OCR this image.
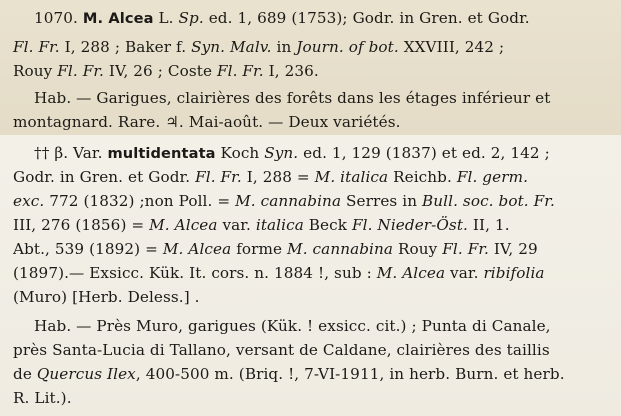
1070. M. Alcea L. Sp. ed. 1, 689 (1753); Godr. in Gren. et Godr.
Fl. Fr. I, 288 ; Baker f. Syn. Malv. in Journ. of bot. XXVIII, 242 ;
Rouy Fl. Fr. IV, 26 ; Coste Fl. Fr. I, 236.
Hab. — Garigues, clairières des forêts dans les étages inférieur et
montagnard. Rare. ♃. Mai-août. — Deux variétés.
†† β. Var. multidentata Koch Syn. ed. 1, 129 (1837) et ed. 2, 142 ;
Godr. in Gren. et Godr. Fl. Fr. I, 288 = M. italica Reichb. Fl. germ.
exc. 772 (1832) ;non Poll. = M. cannabina Serres in Bull. soc. bot. Fr.
III, 276 (1856) = M. Alcea var. italica Beck Fl. Nieder-Öst. II, 1.
Abt., 539 (1892) = M. Alcea forme M. cannabina Rouy Fl. Fr. IV, 29
(1897).— Exsicc. Kük. It. cors. n. 1884 !, sub : M. Alcea var. ribifolia
(Muro) [Herb. Deless.] .
Hab. — Près Muro, garigues (Kük. ! exsicc. cit.) ; Punta di Canale,
près Santa-Lucia di Tallano, versant de Caldane, clairières des taillis
de Quercus Ilex, 400-500 m. (Briq. !, 7-VI-1911, in herb. Burn. et herb.
R. Lit.).
